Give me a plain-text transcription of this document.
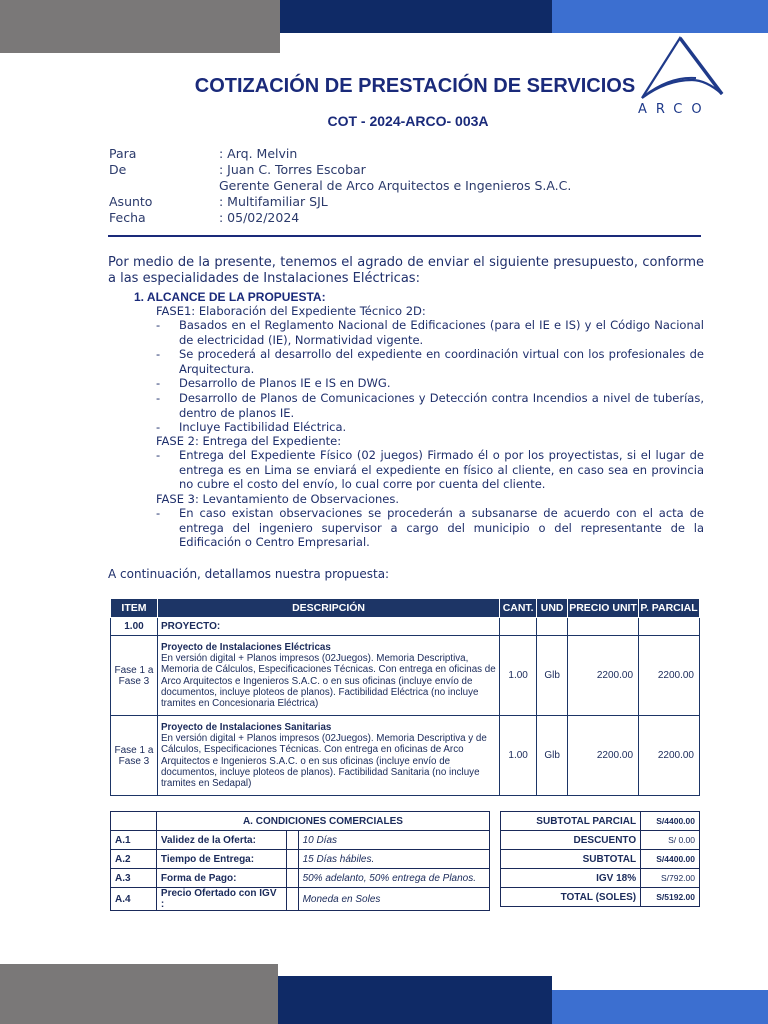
ARCO
COTIZACIÓN DE PRESTACIÓN DE SERVICIOS
COT - 2024-ARCO- 003A
Para	: Arq. Melvin
De	: Juan C. Torres Escobar
Gerente General de Arco Arquitectos e Ingenieros S.A.C.
Asunto	: Multifamiliar SJL
Fecha	: 05/02/2024
Por medio de la presente, tenemos el agrado de enviar el siguiente presupuesto, conforme a las especialidades de Instalaciones Eléctricas:
1. ALCANCE DE LA PROPUESTA:
FASE1: Elaboración del Expediente Técnico 2D:
- Basados en el Reglamento Nacional de Edificaciones (para el IE e IS) y el Código Nacional de electricidad (IE), Normatividad vigente.
- Se procederá al desarrollo del expediente en coordinación virtual con los profesionales de Arquitectura.
- Desarrollo de Planos IE e IS en DWG.
- Desarrollo de Planos de Comunicaciones y Detección contra Incendios a nivel de tuberías, dentro de planos IE.
- Incluye Factibilidad Eléctrica.
FASE 2: Entrega del Expediente:
- Entrega del Expediente Físico (02 juegos) Firmado él o por los proyectistas, si el lugar de entrega es en Lima se enviará el expediente en físico al cliente, en caso sea en provincia no cubre el costo del envío, lo cual corre por cuenta del cliente.
FASE 3: Levantamiento de Observaciones.
- En caso existan observaciones se procederán a subsanarse de acuerdo con el acta de entrega del ingeniero supervisor a cargo del municipio o del representante de la Edificación o Centro Empresarial.
A continuación, detallamos nuestra propuesta:
ITEM	DESCRIPCIÓN	CANT.	UND	PRECIO UNIT	P. PARCIAL
1.00	PROYECTO:				
Fase 1 a Fase 3	Proyecto de Instalaciones Eléctricas
En versión digital + Planos impresos (02Juegos). Memoria Descriptiva, Memoria de Cálculos, Especificaciones Técnicas. Con entrega en oficinas de Arco Arquitectos e Ingenieros S.A.C. o en sus oficinas (incluye envío de documentos, incluye ploteos de planos). Factibilidad Eléctrica (no incluye tramites en Concesionaria Eléctrica)	1.00	Glb	2200.00	2200.00
Fase 1 a Fase 3	Proyecto de Instalaciones Sanitarias
En versión digital + Planos impresos (02Juegos). Memoria Descriptiva y de Cálculos, Especificaciones Técnicas. Con entrega en oficinas de Arco Arquitectos e Ingenieros S.A.C. o en sus oficinas (incluye envío de documentos, incluye ploteos de planos). Factibilidad Sanitaria (no incluye tramites en Sedapal)	1.00	Glb	2200.00	2200.00
	A. CONDICIONES COMERCIALES		
A.1	Validez de la Oferta:		10 Días
A.2	Tiempo de Entrega:		15 Días hábiles.
A.3	Forma de Pago:		50% adelanto, 50% entrega de Planos.
A.4	Precio Ofertado con IGV :		Moneda en Soles
SUBTOTAL PARCIAL	S/4400.00
DESCUENTO	S/ 0.00
SUBTOTAL	S/4400.00
IGV 18%	S/792.00
TOTAL (SOLES)	S/5192.00
